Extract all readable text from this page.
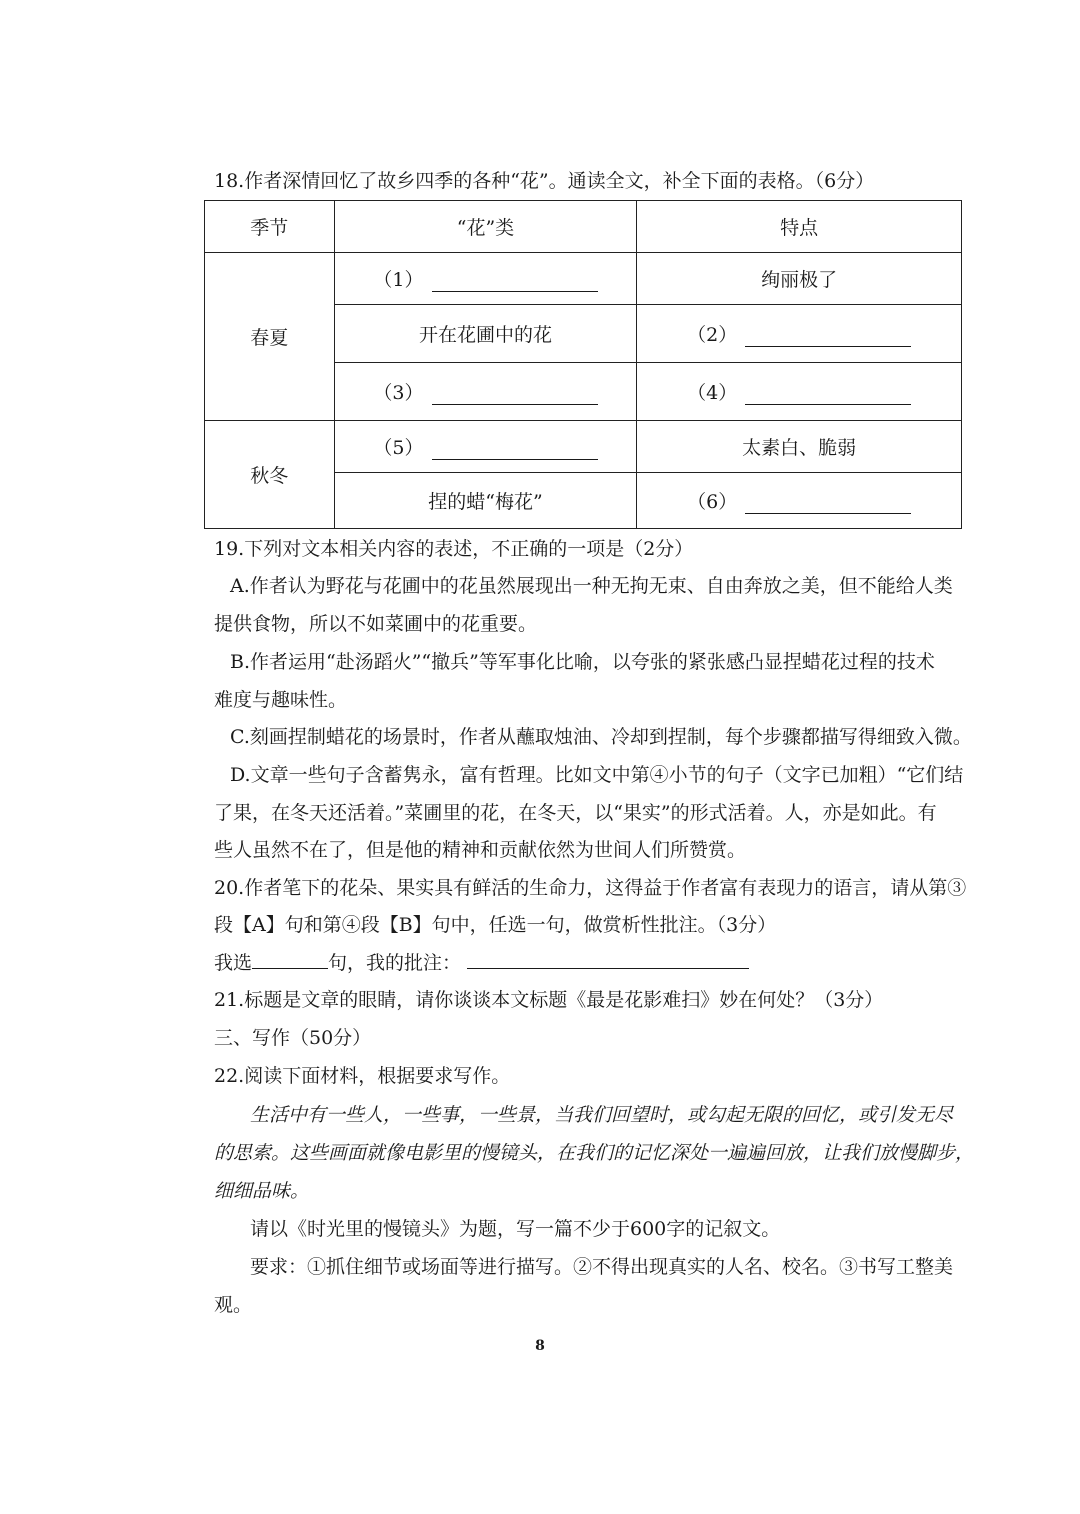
18.作者深情回忆了故乡四季的各种“花”。通读全文，补全下面的表格。（6分）
季节	“花”类	特点
春夏	（1）	绚丽极了
	开在花圃中的花	（2）

	（3）	（4）

秋冬	（5）	太素白、脆弱
	捏的蜡“梅花”	（6）
19.下列对文本相关内容的表述，不正确的一项是（2分）
A.作者认为野花与花圃中的花虽然展现出一种无拘无束、自由奔放之美，但不能给人类
提供食物，所以不如菜圃中的花重要。
B.作者运用“赴汤蹈火”“撤兵”等军事化比喻，以夸张的紧张感凸显捏蜡花过程的技术
难度与趣味性。
C.刻画捏制蜡花的场景时，作者从蘸取烛油、冷却到捏制，每个步骤都描写得细致入微。
D.文章一些句子含蓄隽永，富有哲理。比如文中第④小节的句子（文字已加粗）“它们结
了果，在冬天还活着。”菜圃里的花，在冬天，以“果实”的形式活着。人，亦是如此。有
些人虽然不在了，但是他的精神和贡献依然为世间人们所赞赏。
20.作者笔下的花朵、果实具有鲜活的生命力，这得益于作者富有表现力的语言，请从第③
段【A】句和第④段【B】句中，任选一句，做赏析性批注。（3分）
我选	句，我的批注：
21.标题是文章的眼睛，请你谈谈本文标题《最是花影难扫》妙在何处？（3分）
三、写作（50分）
22.阅读下面材料，根据要求写作。
生活中有一些人，一些事，一些景，当我们回望时，或勾起无限的回忆，或引发无尽
的思索。这些画面就像电影里的慢镜头，在我们的记忆深处一遍遍回放，让我们放慢脚步，
细细品味。
请以《时光里的慢镜头》为题，写一篇不少于600字的记叙文。
要求：①抓住细节或场面等进行描写。②不得出现真实的人名、校名。③书写工整美
观。
8
